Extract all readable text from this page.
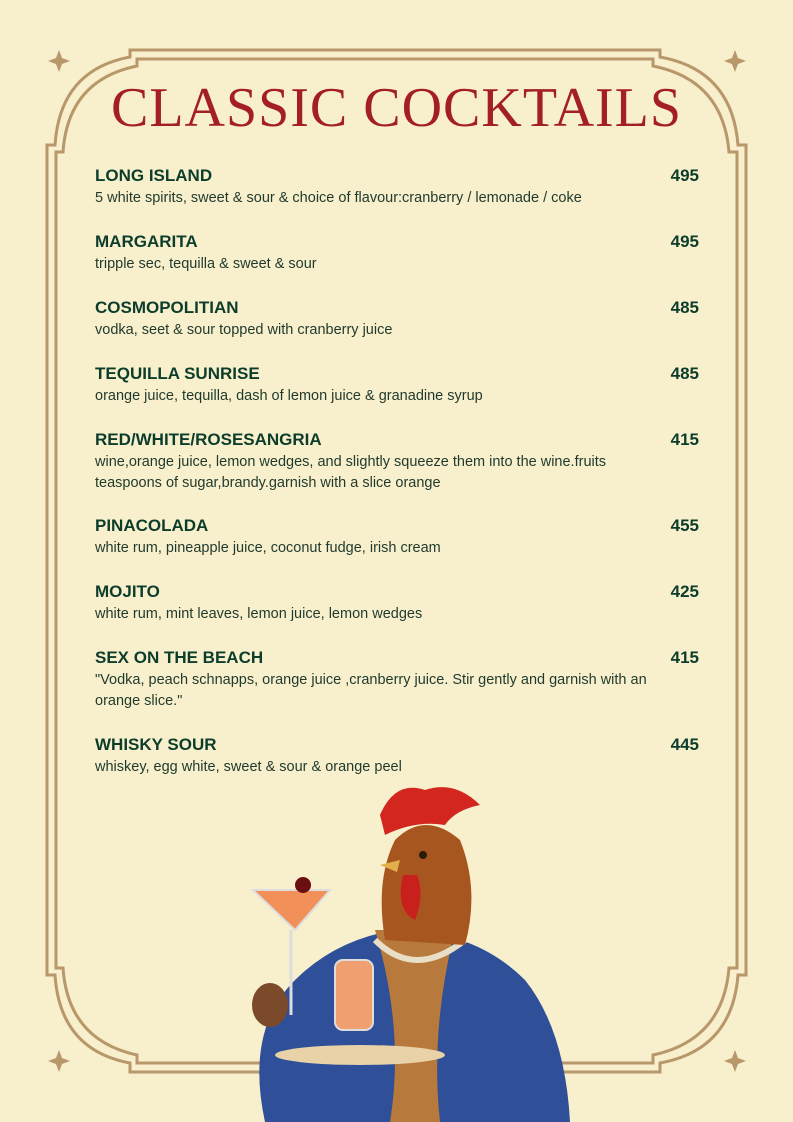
CLASSIC COCKTAILS
LONG ISLAND	495
5 white spirits, sweet & sour & choice of flavour:cranberry / lemonade / coke
MARGARITA	495
tripple sec, tequilla & sweet & sour
COSMOPOLITIAN	485
vodka, seet & sour topped with cranberry juice
TEQUILLA SUNRISE	485
orange juice, tequilla, dash of lemon juice & granadine syrup
RED/WHITE/ROSESANGRIA	415
wine,orange juice, lemon wedges, and slightly squeeze them into the wine.fruits teaspoons of sugar,brandy.garnish with a slice orange
PINACOLADA	455
white rum, pineapple juice, coconut fudge, irish cream
MOJITO	425
white rum, mint leaves, lemon juice, lemon wedges
SEX ON THE BEACH	415
"Vodka, peach schnapps, orange juice ,cranberry juice. Stir gently and garnish with an orange slice."
WHISKY SOUR	445
whiskey, egg white, sweet & sour & orange peel
